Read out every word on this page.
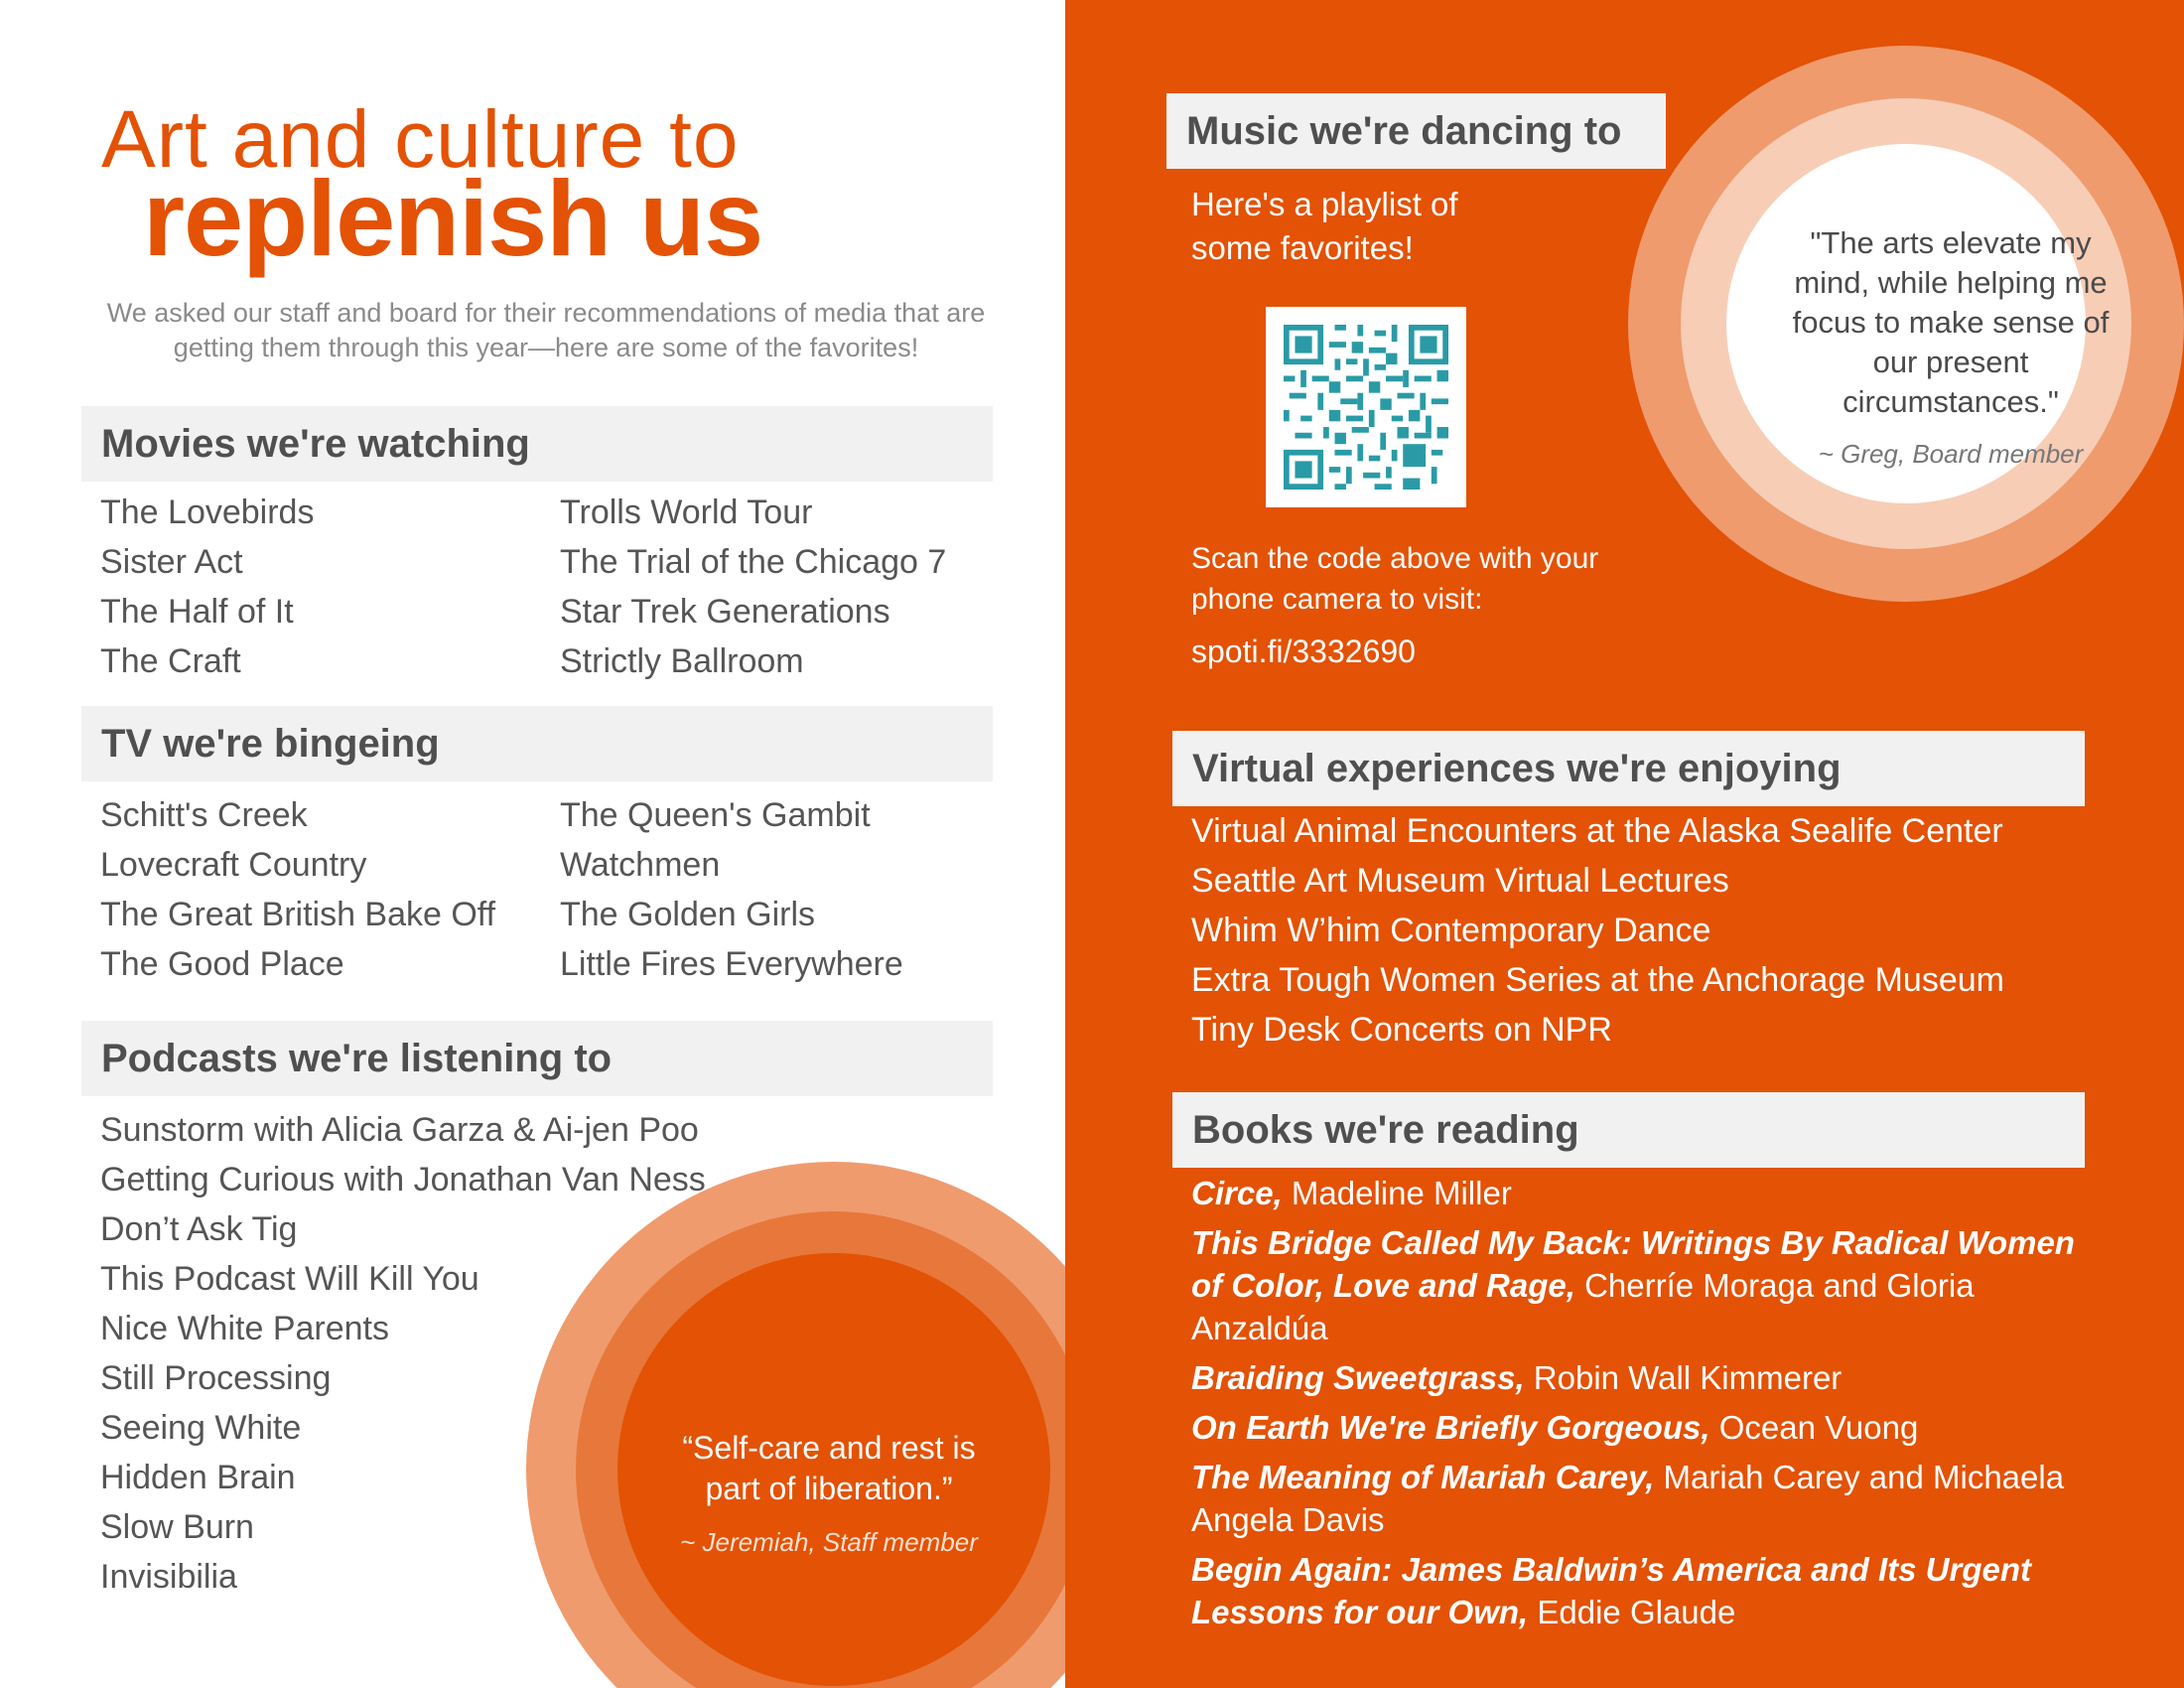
Art and culture to
replenish us
We asked our staff and board for their recommendations of media that are getting them through this year—here are some of the favorites!
Movies we're watching
The Lovebirds
Sister Act
The Half of It
The Craft
Trolls World Tour
The Trial of the Chicago 7
Star Trek Generations
Strictly Ballroom
TV we're bingeing
Schitt's Creek
Lovecraft Country
The Great British Bake Off
The Good Place
The Queen's Gambit
Watchmen
The Golden Girls
Little Fires Everywhere
Podcasts we're listening to
Sunstorm with Alicia Garza & Ai-jen Poo
Getting Curious with Jonathan Van Ness
Don’t Ask Tig
This Podcast Will Kill You
Nice White Parents
Still Processing
Seeing White
Hidden Brain
Slow Burn
Invisibilia
“Self-care and rest is part of liberation.”
~ Jeremiah, Staff member
Music we're dancing to
Here's a playlist of some favorites!
Scan the code above with your phone camera to visit:
spoti.fi/3332690
"The arts elevate my mind, while helping me focus to make sense of our present circumstances."
~ Greg, Board member
Virtual experiences we're enjoying
Virtual Animal Encounters at the Alaska Sealife Center
Seattle Art Museum Virtual Lectures
Whim W’him Contemporary Dance
Extra Tough Women Series at the Anchorage Museum
Tiny Desk Concerts on NPR
Books we're reading
Circe, Madeline Miller
This Bridge Called My Back: Writings By Radical Women of Color, Love and Rage, Cherríe Moraga and Gloria Anzaldúa
Braiding Sweetgrass, Robin Wall Kimmerer
On Earth We're Briefly Gorgeous, Ocean Vuong
The Meaning of Mariah Carey, Mariah Carey and Michaela Angela Davis
Begin Again: James Baldwin’s America and Its Urgent Lessons for our Own, Eddie Glaude
